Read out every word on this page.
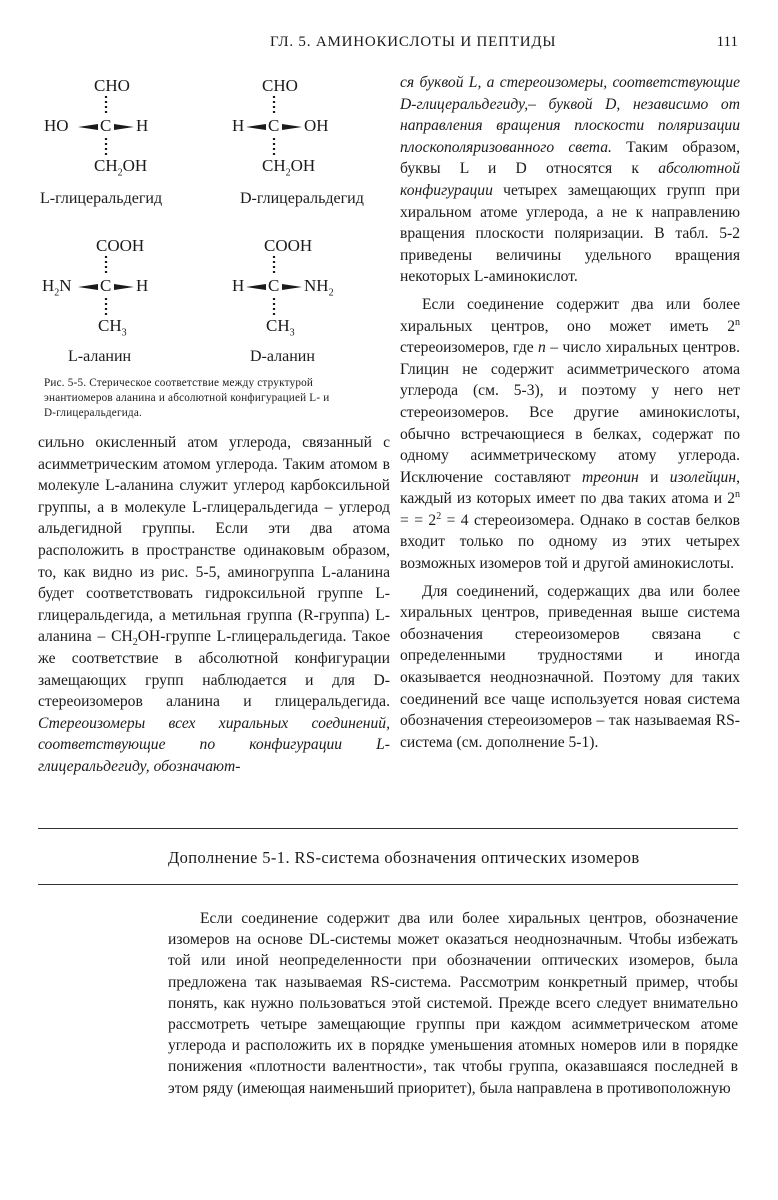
ГЛ. 5. АМИНОКИСЛОТЫ И ПЕПТИДЫ	111
CHO
HO C H
$CH_2OH$
L-глицеральдегид
CHO
H C OH
$CH_2OH$
D-глицеральдегид
COOH
$H_2N$ C H
$CH_3$
L-аланин
COOH
H C $NH_2$
$CH_3$
D-аланин
Рис. 5-5. Стерическое соответствие между структурой энантиомеров аланина и абсолютной конфигурацией L- и D-глицеральдегида.

сильно окисленный атом углерода, связанный с асимметрическим атомом углерода. Таким атомом в молекуле L-аланина служит углерод карбоксильной группы, а в молекуле L-глицеральдегида – углерод альдегидной группы. Если эти два атома расположить в пространстве одинаковым образом, то, как видно из рис. 5-5, аминогруппа L-аланина будет соответствовать гидроксильной группе L-глицеральдегида, а метильная группа (R-группа) L-аланина – $CH_2OH$-группе L-глицеральдегида. Такое же соответствие в абсолютной конфигурации замещающих групп наблюдается и для D-стереоизомеров аланина и глицеральдегида. Стереоизомеры всех хиральных соединений, соответствующие по конфигурации L-глицеральдегиду, обозначают-

ся буквой L, а стереоизомеры, соответствующие D-глицеральдегиду,– буквой D, независимо от направления вращения плоскости поляризации плоскополяризованного света. Таким образом, буквы L и D относятся к абсолютной конфигурации четырех замещающих групп при хиральном атоме углерода, а не к направлению вращения плоскости поляризации. В табл. 5-2 приведены величины удельного вращения некоторых L-аминокислот.

Если соединение содержит два или более хиральных центров, оно может иметь 2$^n$ стереоизомеров, где n – число хиральных центров. Глицин не содержит асимметрического атома углерода (см. 5-3), и поэтому у него нет стереоизомеров. Все другие аминокислоты, обычно встречающиеся в белках, содержат по одному асимметрическому атому углерода. Исключение составляют треонин и изолейцин, каждый из которых имеет по два таких атома и $2^n$ = = $2^2 = 4$ стереоизомера. Однако в состав белков входит только по одному из этих четырех возможных изомеров той и другой аминокислоты.

Для соединений, содержащих два или более хиральных центров, приведенная выше система обозначения стереоизомеров связана с определенными трудностями и иногда оказывается неоднозначной. Поэтому для таких соединений все чаще используется новая система обозначения стереоизомеров – так называемая RS-система (см. дополнение 5-1).

Дополнение 5-1. RS-система обозначения оптических изомеров

Если соединение содержит два или более хиральных центров, обозначение изомеров на основе DL-системы может оказаться неоднозначным. Чтобы избежать той или иной неопределенности при обозначении оптических изомеров, была предложена так называемая RS-система. Рассмотрим конкретный пример, чтобы понять, как нужно пользоваться этой системой. Прежде всего следует внимательно рассмотреть четыре замещающие группы при каждом асимметрическом атоме углерода и расположить их в порядке уменьшения атомных номеров или в порядке понижения «плотности валентности», так чтобы группа, оказавшаяся последней в этом ряду (имеющая наименьший приоритет), была направлена в противоположную
